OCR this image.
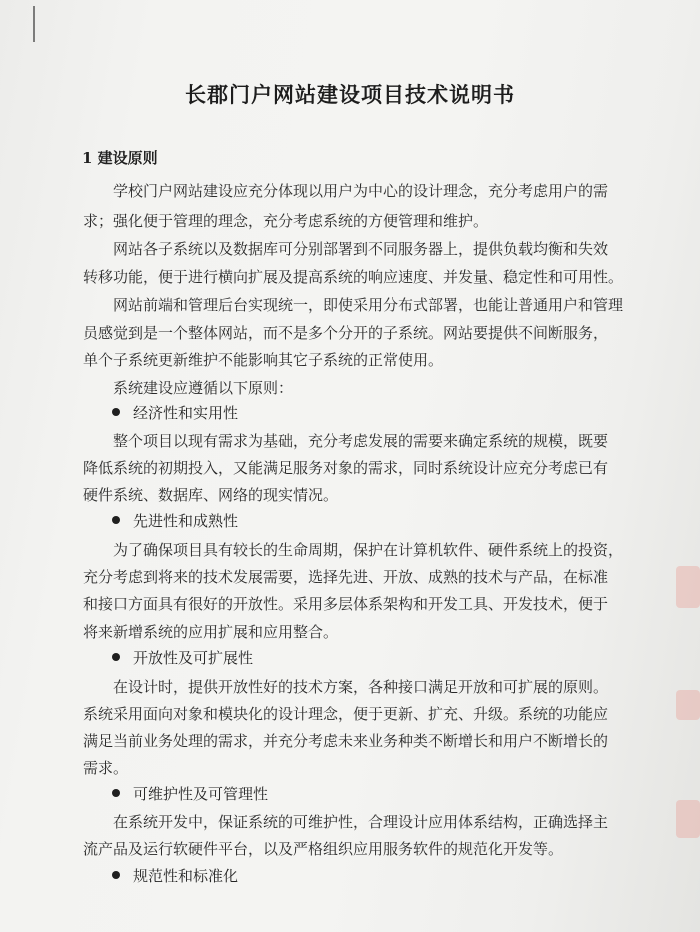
长郡门户网站建设项目技术说明书
1 建设原则
学校门户网站建设应充分体现以用户为中心的设计理念，充分考虑用户的需
求；强化便于管理的理念，充分考虑系统的方便管理和维护。
网站各子系统以及数据库可分别部署到不同服务器上，提供负载均衡和失效
转移功能，便于进行横向扩展及提高系统的响应速度、并发量、稳定性和可用性。
网站前端和管理后台实现统一，即使采用分布式部署，也能让普通用户和管理
员感觉到是一个整体网站，而不是多个分开的子系统。网站要提供不间断服务，
单个子系统更新维护不能影响其它子系统的正常使用。
系统建设应遵循以下原则：
经济性和实用性
整个项目以现有需求为基础，充分考虑发展的需要来确定系统的规模，既要
降低系统的初期投入，又能满足服务对象的需求，同时系统设计应充分考虑已有
硬件系统、数据库、网络的现实情况。
先进性和成熟性
为了确保项目具有较长的生命周期，保护在计算机软件、硬件系统上的投资，
充分考虑到将来的技术发展需要，选择先进、开放、成熟的技术与产品，在标准
和接口方面具有很好的开放性。采用多层体系架构和开发工具、开发技术，便于
将来新增系统的应用扩展和应用整合。
开放性及可扩展性
在设计时，提供开放性好的技术方案，各种接口满足开放和可扩展的原则。
系统采用面向对象和模块化的设计理念，便于更新、扩充、升级。系统的功能应
满足当前业务处理的需求，并充分考虑未来业务种类不断增长和用户不断增长的
需求。
可维护性及可管理性
在系统开发中，保证系统的可维护性，合理设计应用体系结构，正确选择主
流产品及运行软硬件平台，以及严格组织应用服务软件的规范化开发等。
规范性和标准化
